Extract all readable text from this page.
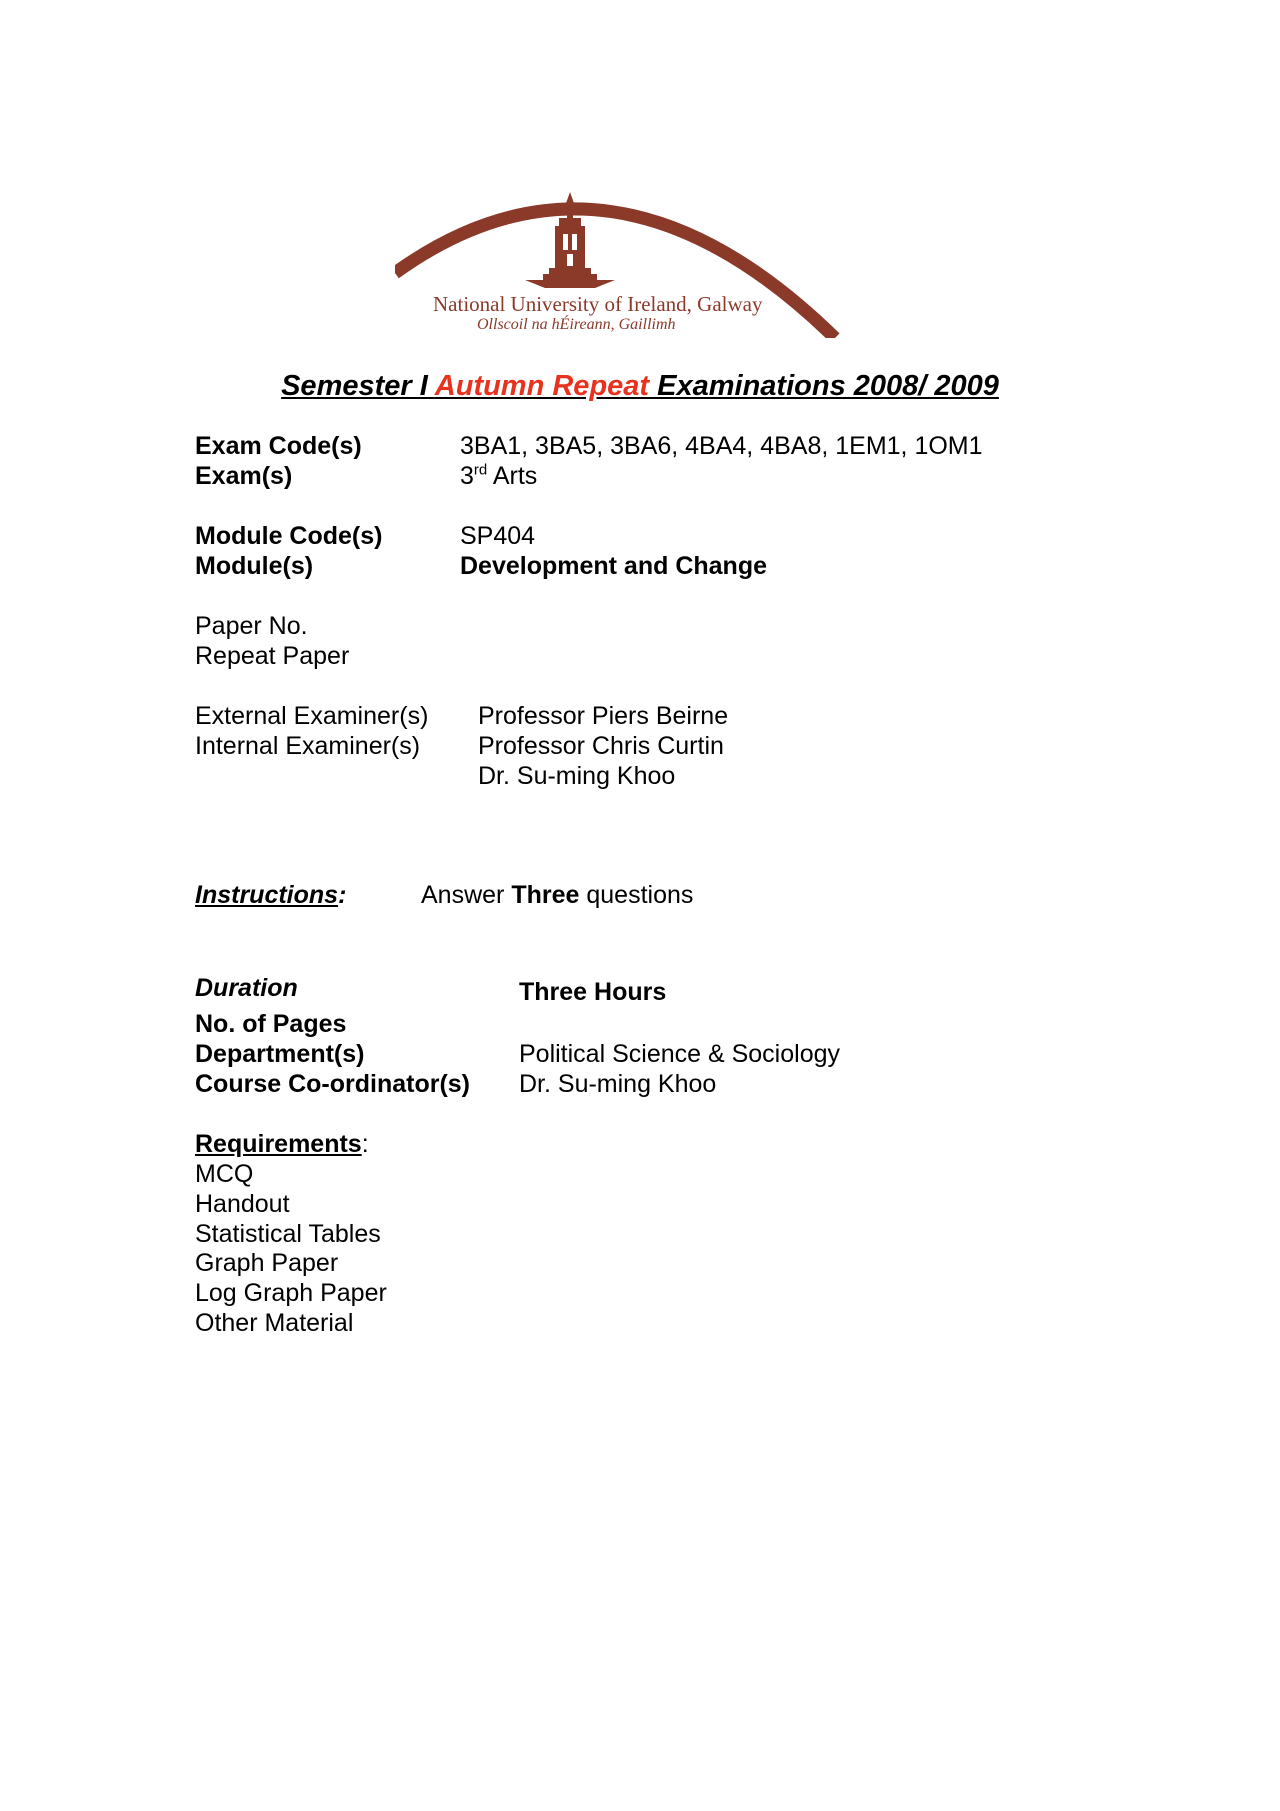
National University of Ireland, Galway
Ollscoil na hÉireann, Gaillimh
Semester I Autumn Repeat Examinations 2008/ 2009
Exam Code(s)	3BA1, 3BA5, 3BA6, 4BA4, 4BA8, 1EM1, 1OM1
Exam(s)	3rd Arts
Module Code(s)	SP404
Module(s)	Development and Change
Paper No.
Repeat Paper
External Examiner(s) Professor Piers Beirne
Internal Examiner(s) Professor Chris Curtin
Dr. Su-ming Khoo
Instructions:	Answer Three questions
Duration	Three Hours
No. of Pages
Department(s)	Political Science & Sociology
Course Co-ordinator(s) Dr. Su-ming Khoo
Requirements:
MCQ
Handout
Statistical Tables
Graph Paper
Log Graph Paper
Other Material
